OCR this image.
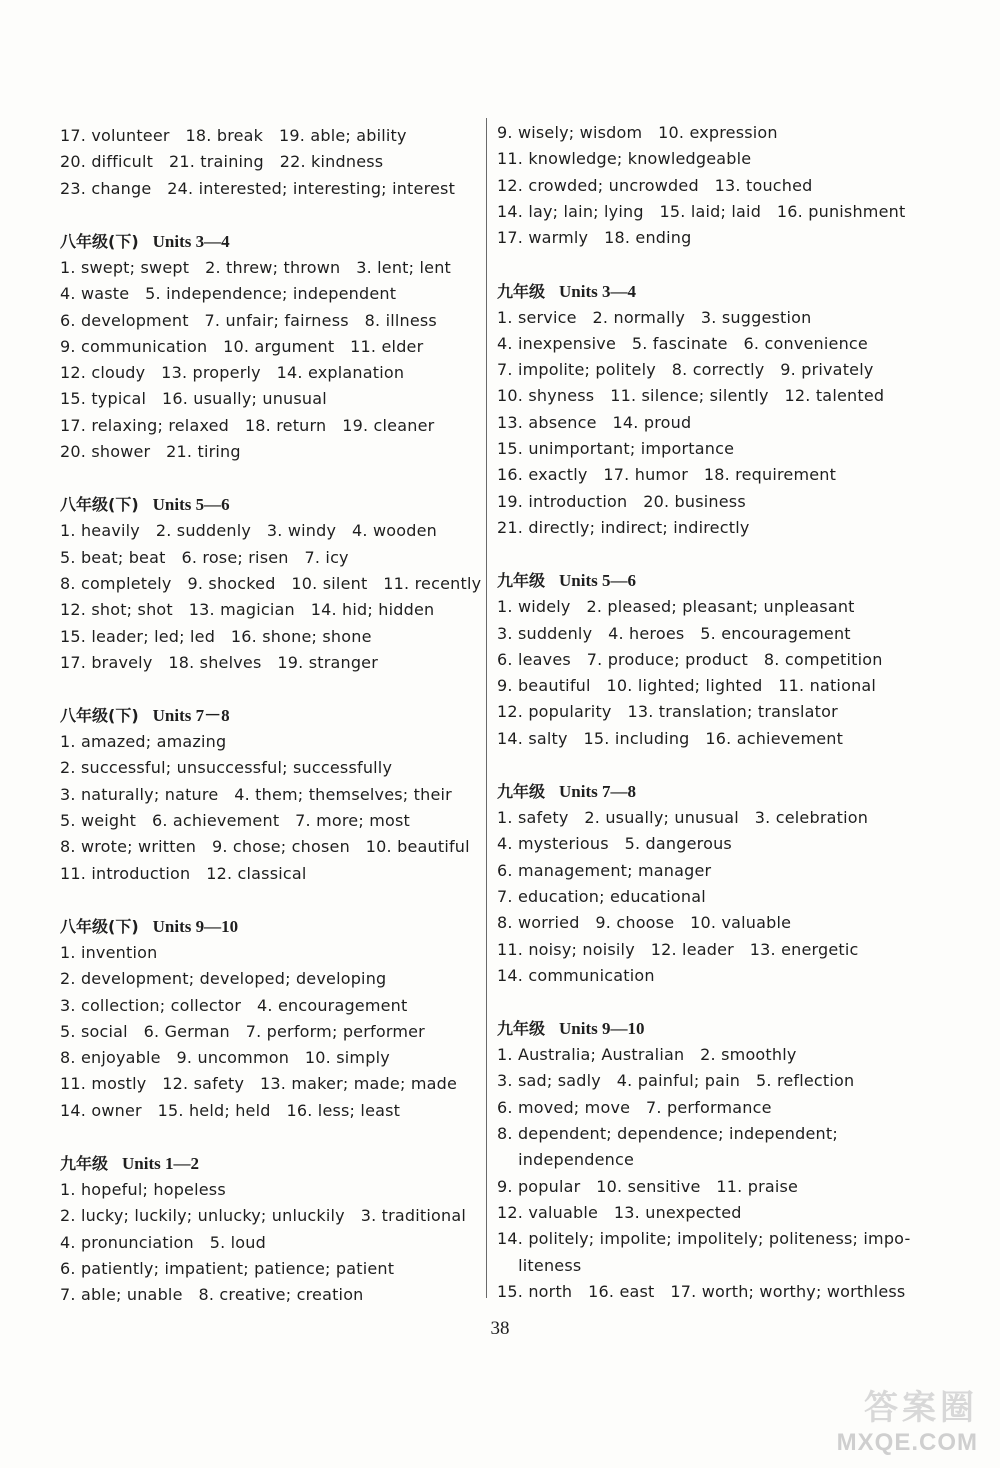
17. volunteer   18. break   19. able; ability
20. difficult   21. training   22. kindness
23. change   24. interested; interesting; interest
八年级(下) Units 3—4
1. swept; swept   2. threw; thrown   3. lent; lent
4. waste   5. independence; independent
6. development   7. unfair; fairness   8. illness
9. communication   10. argument   11. elder
12. cloudy   13. properly   14. explanation
15. typical   16. usually; unusual
17. relaxing; relaxed   18. return   19. cleaner
20. shower   21. tiring
八年级(下) Units 5—6
1. heavily   2. suddenly   3. windy   4. wooden
5. beat; beat   6. rose; risen   7. icy
8. completely   9. shocked   10. silent   11. recently
12. shot; shot   13. magician   14. hid; hidden
15. leader; led; led   16. shone; shone
17. bravely   18. shelves   19. stranger
八年级(下) Units 7－8
1. amazed; amazing
2. successful; unsuccessful; successfully
3. naturally; nature   4. them; themselves; their
5. weight   6. achievement   7. more; most
8. wrote; written   9. chose; chosen   10. beautiful
11. introduction   12. classical
八年级(下) Units 9—10
1. invention
2. development; developed; developing
3. collection; collector   4. encouragement
5. social   6. German   7. perform; performer
8. enjoyable   9. uncommon   10. simply
11. mostly   12. safety   13. maker; made; made
14. owner   15. held; held   16. less; least
九年级 Units 1—2
1. hopeful; hopeless
2. lucky; luckily; unlucky; unluckily   3. traditional
4. pronunciation   5. loud
6. patiently; impatient; patience; patient
7. able; unable   8. creative; creation
9. wisely; wisdom   10. expression
11. knowledge; knowledgeable
12. crowded; uncrowded   13. touched
14. lay; lain; lying   15. laid; laid   16. punishment
17. warmly   18. ending
九年级 Units 3—4
1. service   2. normally   3. suggestion
4. inexpensive   5. fascinate   6. convenience
7. impolite; politely   8. correctly   9. privately
10. shyness   11. silence; silently   12. talented
13. absence   14. proud
15. unimportant; importance
16. exactly   17. humor   18. requirement
19. introduction   20. business
21. directly; indirect; indirectly
九年级 Units 5—6
1. widely   2. pleased; pleasant; unpleasant
3. suddenly   4. heroes   5. encouragement
6. leaves   7. produce; product   8. competition
9. beautiful   10. lighted; lighted   11. national
12. popularity   13. translation; translator
14. salty   15. including   16. achievement
九年级 Units 7—8
1. safety   2. usually; unusual   3. celebration
4. mysterious   5. dangerous
6. management; manager
7. education; educational
8. worried   9. choose   10. valuable
11. noisy; noisily   12. leader   13. energetic
14. communication
九年级 Units 9—10
1. Australia; Australian   2. smoothly
3. sad; sadly   4. painful; pain   5. reflection
6. moved; move   7. performance
8. dependent; dependence; independent;
independence
9. popular   10. sensitive   11. praise
12. valuable   13. unexpected
14. politely; impolite; impolitely; politeness; impo-
liteness
15. north   16. east   17. worth; worthy; worthless
38
答案圈
MXQE.COM
